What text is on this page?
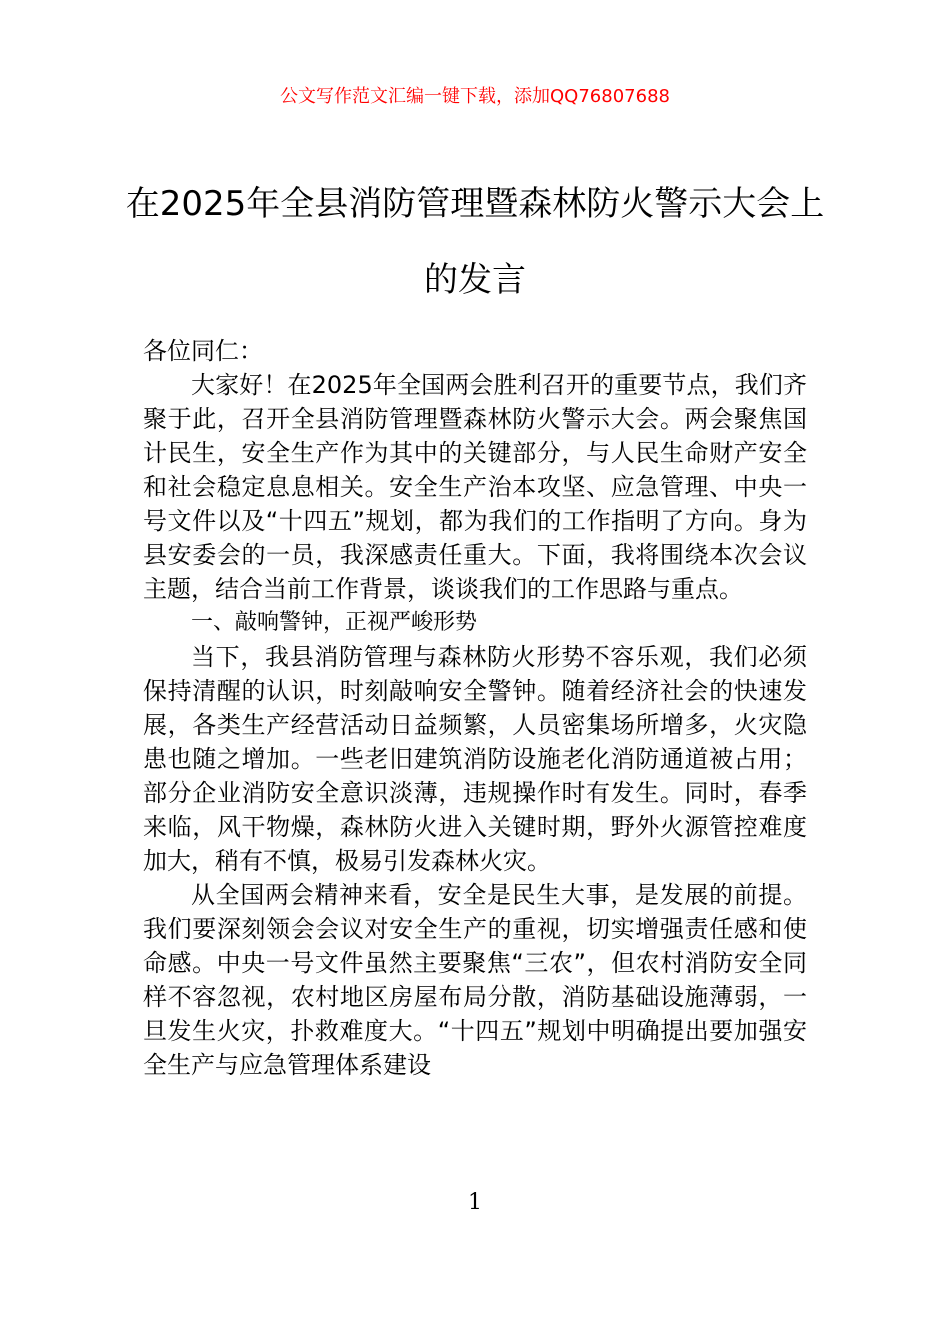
公文写作范文汇编一键下载，添加QQ76807688
在2025年全县消防管理暨森林防火警示大会上的发言

各位同仁：

大家好！在2025年全国两会胜利召开的重要节点，我们齐聚于此，召开全县消防管理暨森林防火警示大会。两会聚焦国计民生，安全生产作为其中的关键部分，与人民生命财产安全和社会稳定息息相关。安全生产治本攻坚、应急管理、中央一号文件以及“十四五”规划，都为我们的工作指明了方向。身为县安委会的一员，我深感责任重大。下面，我将围绕本次会议主题，结合当前工作背景，谈谈我们的工作思路与重点。

一、敲响警钟，正视严峻形势

当下，我县消防管理与森林防火形势不容乐观，我们必须保持清醒的认识，时刻敲响安全警钟。随着经济社会的快速发展，各类生产经营活动日益频繁，人员密集场所增多，火灾隐患也随之增加。一些老旧建筑消防设施老化消防通道被占用；部分企业消防安全意识淡薄，违规操作时有发生。同时，春季来临，风干物燥，森林防火进入关键时期，野外火源管控难度加大，稍有不慎，极易引发森林火灾。

从全国两会精神来看，安全是民生大事，是发展的前提。我们要深刻领会会议对安全生产的重视，切实增强责任感和使命感。中央一号文件虽然主要聚焦“三农”，但农村消防安全同样不容忽视，农村地区房屋布局分散，消防基础设施薄弱，一旦发生火灾，扑救难度大。“十四五”规划中明确提出要加强安全生产与应急管理体系建设

1
